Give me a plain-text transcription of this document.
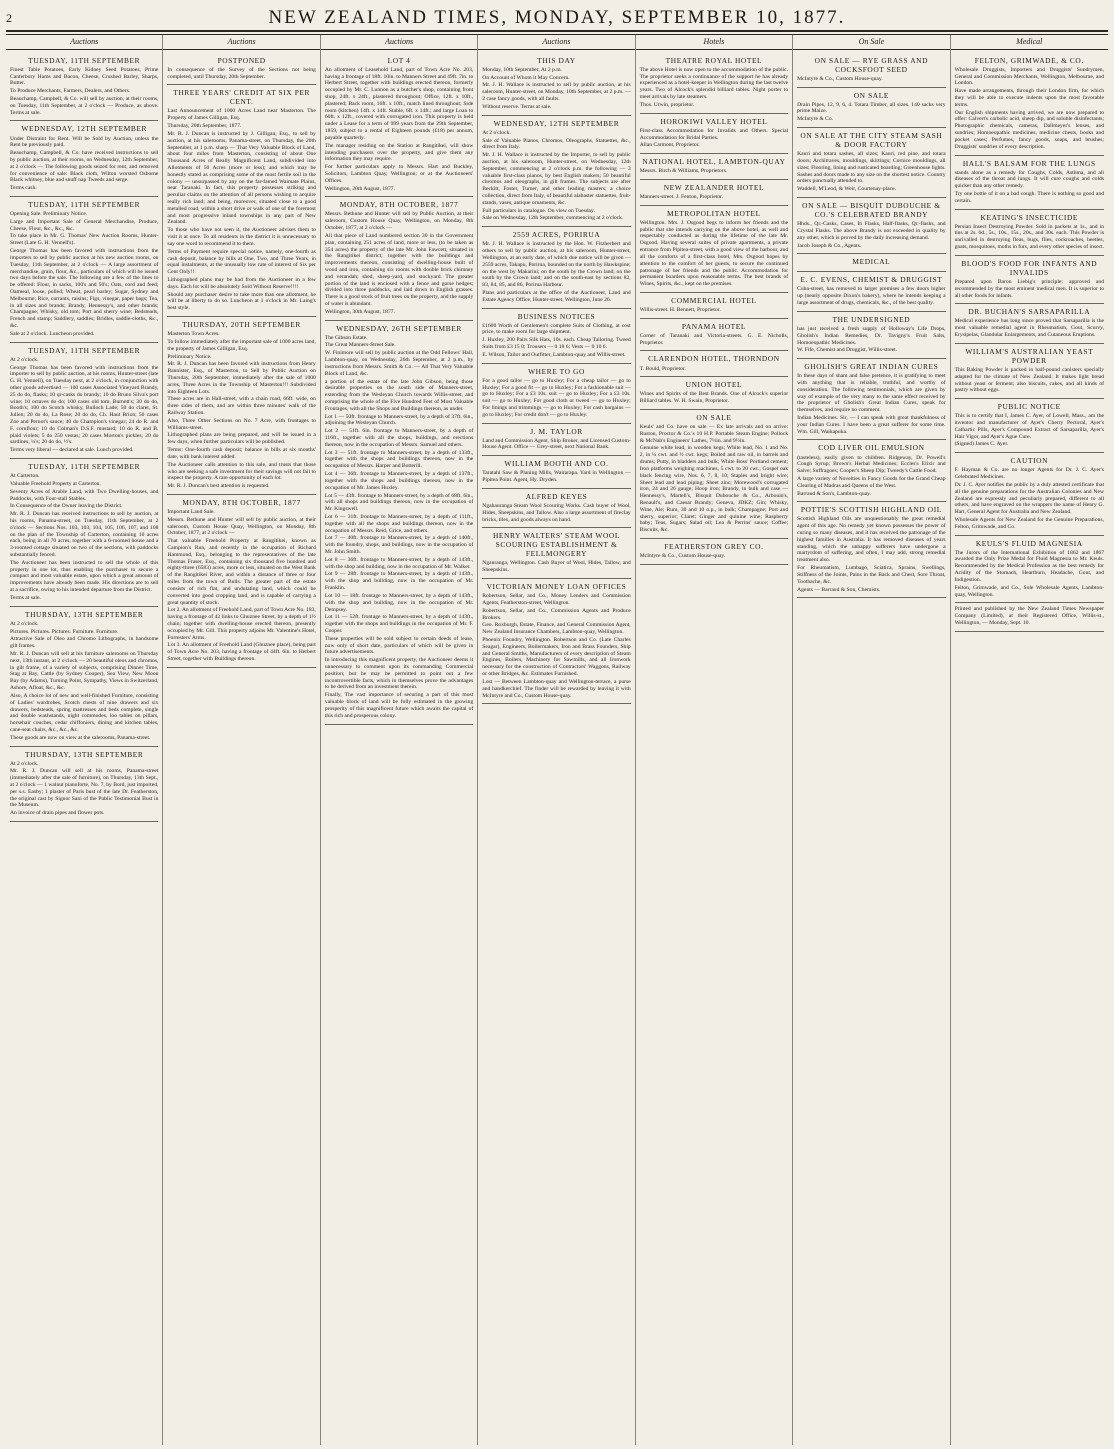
2	NEW ZEALAND TIMES, MONDAY, SEPTEMBER 10, 1877.
Auctions
TUESDAY, 11TH SEPTEMBER

Finest Table Potatoes, Early Kidney Seed Potatoes, Prime Canterbury Hams and Bacon, Cheese, Crushed Barley, Sharps, Butter.

To Produce Merchants, Farmers, Dealers, and Others.

Beauchamp, Campbell, & Co. will sell by auction, at their rooms, on Tuesday, 11th September, at 2 o'clock — Produce, as above. Terms at sale.

WEDNESDAY, 12TH SEPTEMBER

Under Distraint for Rent. Will be Sold by Auction, unless the Rent be previously paid.

Beauchamp, Campbell, & Co. have received instructions to sell by public auction, at their rooms, on Wednesday, 12th September, at 2 o'clock — The following goods seized for rent, and removed for convenience of sale: Black cloth, Wilton worsted Osborne Black whitney, blue and snuff nap Tweeds and serge.

Terms cash.

TUESDAY, 11TH SEPTEMBER

Opening Sale. Preliminary Notice.

Large and Important Sale of General Merchandise, Produce, Cheese, Flour, &c., &c., &c.

To take place in Mr. G. Thomas' New Auction Rooms, Hunter-Street (Late G. H. Vennell's).

George Thomas has been favored with instructions from the importers to sell by public auction at his new auction rooms, on Tuesday, 11th September, at 2 o'clock — A large assortment of merchandise, grain, flour, &c., particulars of which will be issued two days before the sale. The following are a few of the lines to be offered: Flour, in sacks, 100's and 50's; Oats, cord and feed; Oatmeal, loose, polled; Wheat, pearl barley; Sugar, Sydney and Melbourne; Rice, currants, raisins; Figs, vinegar, paper bags; Tea, in all sizes and brands; Brandy, Hennessy's, and other brands; Champagne; Whisky, old tom; Port and sherry wine; Bedsteads, French and stamp; Saddlery, saddles; Bridles, saddle-cloths, &c., &c.

Sale at 2 o'clock. Luncheon provided.

TUESDAY, 11TH SEPTEMBER

At 2 o'clock.

George Thomas has been favored with instructions from the importer to sell by public auction, at his rooms, Hunter-street (late G. H. Vennell), on Tuesday next, at 2 o'clock, in conjunction with other goods advertised — 100 cases Associated Vineyard Brandy, 25 do do, flasks; 10 qr-casks do brandy; 10 do Bruno Silva's port wine; 10 octaves do do; 100 cases old tom, Burnett's; 30 do do, Booth's; 100 do Scotch whisky, Bulloch Lade; 50 do claret, St. Julien; 20 do do, La Rose; 20 do do, Ch. Haut Brion; 50 cases Zoe and Pernot's sauce; 40 do Champion's vinegar; 24 do R. and F. cornflour; 10 do Colman's D.S.F. mustard; 10 do R. and B. plaid violets; 5 do 250 vestas; 20 cases Morton's pickles; 20 do sardines, ¼'s; 20 do do, ½'s.

Terms very liberal — declared at sale. Lunch provided.

TUESDAY, 11TH SEPTEMBER

At Carterton.

Valuable Freehold Property at Carterton.

Seventy Acres of Arable Land, with Two Dwelling-houses, and Paddocks, with Four-stall Stables.

In Consequence of the Owner leaving the District.

Mr. R. J. Duncan has received instructions to sell by auction, at his rooms, Panama-street, on Tuesday, 11th September, at 2 o'clock — Sections Nos. 103, 103, 104, 105, 106, 107, and 108 on the plan of the Township of Carterton, containing 10 acres each, being in all 70 acres, together with a 6-roomed house and a 3-roomed cottage situated on two of the sections, with paddocks substantially fenced.

The Auctioneer has been instructed to sell the whole of this property in one lot, thus enabling the purchaser to secure a compact and most valuable estate, upon which a great amount of improvements have already been made. His directions are to sell at a sacrifice, owing to his intended departure from the District.

Terms at sale.

THURSDAY, 13TH SEPTEMBER

At 2 o'clock.

Pictures. Pictures. Pictures. Furniture. Furniture.

Attractive Sale of Oleo and Chromo Lithographs, in handsome gilt frames.

Mr. R. J. Duncan will sell at his furniture salerooms on Thursday next, 13th instant, at 2 o'clock — 20 beautiful oleos and chromos, in gilt frame, of a variety of subjects, comprising Dinner Time, Stag at Bay, Cattle (by Sydney Cooper), Sea View, New Moon Bay (by Adams), Turning Point, Sympathy, Views in Switzerland, Ashore, Afloat, &c., &c.

Also, A choice lot of new and well-finished Furniture, consisting of Ladies' wardrobes, Scotch chests of nine drawers and six drawers, bedsteads, spring mattresses and beds complete, single and double washstands, night commodes, loo tables on pillars, horsehair couches, cedar chiffoniers, dining and kitchen tables, cane-seat chairs, &c., &c., &c.

These goods are now on view at the salerooms, Panama-street.

THURSDAY, 13TH SEPTEMBER

At 2 o'clock.

Mr. R. J. Duncan will sell at his rooms, Panama-street (immediately after the sale of furniture), on Thursday, 13th Sept., at 2 o'clock — 1 walnut pianoforte, No. 7, by Bord, just imported, per s.s. Easby; 1 plaster of Paris bust of the late Dr. Featherston, the original cast by Signor Sani of the Public Testimonial Bust in the Museum.

An invoice of drain pipes and flower pots.

Auctions
POSTPONED

In consequence of the Survey of the Sections not being completed, until Thursday, 20th September.

THREE YEARS' CREDIT AT SIX PER CENT.

Last Announcement of 1000 Acres Land near Masterton. The Property of James Gilligan, Esq.

Thursday, 20th September, 1877.

Mr. R. J. Duncan is instructed by J. Gilligan, Esq., to sell by auction, at his salerooms, Panama-street, on Thursday, the 20th September, at 1 p.m. sharp — That Very Valuable Block of Land, about four miles from Masterton, consisting of about One Thousand Acres of Really Magnificent Land, subdivided into Allotments of 50 Acres (more or less); and which may be honestly stated as comprising some of the most fertile soil in the colony — unsurpassed by any on the far-famed Waimate Plains, near Taranaki. In fact, this property possesses striking and peculiar claims on the attention of all persons wishing to acquire really rich land; and being, moreover, situated close to a good metalled road, within a short drive or walk of one of the foremost and most progressive inland townships in any part of New Zealand.

To those who have not seen it, the Auctioneer advises them to visit it at once. To all residents in the district it is unnecessary to say one word to recommend it to them.

Terms of Payment require special notice, namely, one-fourth as cash deposit, balance by bills at One, Two, and Three Years, in equal instalments, at the unusually low rate of interest of Six per Cent Only!!

Lithographed plans may be had from the Auctioneer in a few days. Each lot will be absolutely Sold Without Reserve!!!!

Should any purchaser desire to take more than one allotment, he will be at liberty to do so. Luncheon at 1 o'clock in Mr. Laing's best style.

THURSDAY, 20TH SEPTEMBER

Masterton Town Acres.

To follow immediately after the important sale of 1000 acres land, the property of James Gilligan, Esq.

Preliminary Notice.

Mr. R. J. Duncan has been favored with instructions from Henry Bannister, Esq., of Masterton, to Sell by Public Auction on Thursday, 20th September, immediately after the sale of 1000 acres, Three Acres in the Township of Masterton!!! Subdivided into Eighteen Lots.

These acres are in Hall-street, with a chain road, 66ft. wide, on three sides of them, and are within three minutes' walk of the Railway Station.

Also, Three Other Sections on No. 7 Acre, with frontages to Williams-street.

Lithographed plans are being prepared, and will be issued in a few days, when further particulars will be published.

Terms: One-fourth cash deposit; balance in bills at six months' date, with bank interest added.

The Auctioneer calls attention to this sale, and trusts that those who are seeking a safe investment for their savings will not fail to inspect the property. A rare opportunity of each lot.

Mr. R. J. Duncan's best attention is requested.

MONDAY, 8TH OCTOBER, 1877

Important Land Sale.

Messrs. Bethune and Hunter will sell by public auction, at their saleroom, Custom House Quay, Wellington, on Monday, 8th October, 1877, at 2 o'clock —

That valuable Freehold Property at Rangitikei, known as Campion's Run, and recently in the occupation of Richard Hammond, Esq., belonging to the representatives of the late Thomas Fraser, Esq., containing six thousand five hundred and eighty-three (6583) acres, more or less, situated on the West Bank of the Rangitikei River, and within a distance of three or four miles from the town of Bulls. The greater part of the estate consists of rich flat, and undulating land, which could be converted into good cropping land, and is capable of carrying a great quantity of stock.

Lot 2. An allotment of Freehold Land, part of Town Acre No. 183, having a frontage of 42 links to Ghuznee Street, by a depth of 1½ chain; together with dwelling-house erected thereon, presently occupied by Mr. Gill. This property adjoins Mr. Valentine's Hotel, Forresters' Arms.

Lot 3. An allotment of Freehold Land (Ghuznee place), being part of Town Acre No. 203, having a frontage of 44ft. 6in. to Herbert Street, together with Buildings thereon.

Auctions
LOT 4

An allotment of Leasehold Land, part of Town Acre No. 203, having a frontage of 18ft. 10in. to Manners Street and 49ft. 7in. to Herbert Street, together with buildings erected thereon, formerly occupied by Mr. C. Lunnon as a butcher's shop, containing front shop, 24ft. x 24ft., plastered throughout; Office, 12ft. x 10ft., plastered; Back room, 16ft. x 10ft., match lined throughout; Side room (kitchen) 14ft. x 14ft. Stable, 6ft. x 14ft.; and large Loan to 60ft. x 12ft., covered with corrugated iron. This property is held under a Lease for a term of 999 years from the 29th September, 1859, subject to a rental of Eighteen pounds (£18) per annum, payable quarterly.

The manager residing on the Station at Rangitikei, will show intending purchasers over the property, and give them any information they may require.

For further particulars apply to Messrs. Hart and Buckley, Solicitors, Lambton Quay, Wellington; or at the Auctioneers' Offices.

Wellington, 20th August, 1877.

MONDAY, 8TH OCTOBER, 1877

Messrs. Bethune and Hunter will sell by Public Auction, at their saleroom, Custom House Quay, Wellington, on Monday, 8th October, 1877, at 2 o'clock —

All that piece of Land numbered section 30 in the Government plan, containing 251 acres of land, more or less, (to be taken as 354 acres) the property of the late Mr. John Fawcett, situated in the Rangitikei district; together with the buildings and improvements thereon, consisting of dwelling-house built of wood and iron, containing six rooms with double brick chimney and verandah; shed, sheep-yard, and stockyard. The greater portion of the land is enclosed with a fence and gorse hedges; divided into three paddocks, and laid down in English grasses. There is a good stock of fruit trees on the property, and the supply of water is abundant.

Wellington, 30th August, 1877.

WEDNESDAY, 26TH SEPTEMBER

The Gibson Estate.

The Great Manners-Street Sale.

W. Finimore will sell by public auction at the Odd Fellows' Hall, Lambton-quay, on Wednesday, 26th September, at 2 p.m., by instructions from Messrs. Smith & Co. — All That Very Valuable Block of Land, &c.

a portion of the estate of the late John Gibson, being those desirable properties on the south side of Manners-street, extending from the Wesleyan Church towards Willis-street, and comprising the whole of the Five Hundred Feet of Most Valuable Frontages, with all the Shops and Buildings thereon, as under.

Lot 1 — 50ft. frontage to Manners-street, by a depth of 37ft. 6in., adjoining the Wesleyan Church.

Lot 2 — 51ft. 6in. frontage to Manners-street, by a depth of 116ft., together with all the shops, buildings, and erections thereon, now in the occupation of Messrs. Samuel and others.

Lot 3 — 51ft. frontage to Manners-street, by a depth of 133ft., together with the shops and buildings thereon, now in the occupation of Messrs. Harper and Botterill.

Lot 4 — 36ft. frontage to Manners-street, by a depth of 137ft., together with the shops and buildings thereon, now in the occupation of Mr. James Huxley.

Lot 5 — 43ft. frontage to Manners-street, by a depth of 68ft. 6in., with all shops and buildings thereon, now in the occupation of Mr. Kingswell.

Lot 6 — 31ft. frontage to Manners-street, by a depth of 111ft., together with all the shops and buildings thereon, now in the occupation of Messrs. Reid, Grice, and others.

Lot 7 — 40ft. frontage to Manners-street, by a depth of 140ft., with the foundry, shops, and buildings, now in the occupation of Mr. John Smith.

Lot 8 — 36ft. frontage to Manners-street, by a depth of 143ft., with the shop and building, now in the occupation of Mr. Walker.

Lot 9 — 28ft. frontage to Manners-street, by a depth of 143ft., with the shop and building, now in the occupation of Mr. Franklin.

Lot 10 — 18ft. frontage to Manners-street, by a depth of 143ft., with the shop and building, now in the occupation of Mr. Dempsey.

Lot 11 — 52ft. frontage to Manners-street, by a depth of 143ft., together with the shops and buildings in the occupation of Mr. F. Cooper.

These properties will be sold subject to certain deeds of lease, now only of short date, particulars of which will be given in future advertisements.

In introducing this magnificent property, the Auctioneer deems it unnecessary to comment upon its commanding Commercial position; but he may be permitted to point out a few incontrovertible facts, which in themselves prove the advantages to be derived from an investment therein.

Finally, The vast importance of securing a part of this most valuable block of land will be fully estimated in the growing prosperity of this magnificent future which awaits the capital of this rich and prosperous colony.

Auctions
THIS DAY

Monday, 10th September, At 2 p.m.

On Account of Whom it May Concern.

Mr. J. H. Wallace is instructed to sell by public auction, at his saleroom, Hunter-street, on Monday, 10th September, at 2 p.m. — 2 case fancy goods, with all faults.

Without reserve. Terms at sale.

WEDNESDAY, 12TH SEPTEMBER

At 2 o'clock.

Sale of Valuable Pianos, Chromos, Oleographs, Statuettes, &c., direct from Italy.

Mr. J. H. Wallace is instructed by the Importer, to sell by public auction, at his saleroom, Hunter-street, on Wednesday, 12th September, commencing at 2 o'clock p.m. the following — 3 valuable first-class pianos, by best English makers; 50 beautiful chromos and oleographs, in gilt frames. The subjects are after Beckitt, Foster, Turner, and other leading masters; a choice collection, direct from Italy, of beautiful alabaster statuettes, fruit-stands, vases, antique ornaments, &c.

Full particulars in catalogue. On view on Tuesday.

Sale on Wednesday, 12th September, commencing at 2 o'clock.

2559 ACRES, PORIRUA

Mr. J. H. Wallace is instructed by the Hon. W. Fitzherbert and others to sell by public auction, at his saleroom, Hunter-street, Wellington, at an early date, of which due notice will be given — 2559 acres, Takapu, Porirua, bounded on the north by Hawkspine; on the west by Makarini; on the south by the Crown land; on the south by the Crown land; and on the south-east by sections 82, 83, 84, 85, and 86, Porirua Harbour.

Plans and particulars at the office of the Auctioneer, Land and Estate Agency Office, Hunter-street, Wellington, June 26.

BUSINESS NOTICES

£1600 Worth of Gentlemen's complete Suits of Clothing, at cost price, to make room for large shipment.

J. Huxley, 200 Pairs Silk Hats, 10s. each. Cheap Tailoring. Tweed Suits from £3 15 0; Trousers — 0 18 6; Vests — 0 10 6.

E. Wilson, Tailor and Outfitter, Lambton-quay and Willis-street.

WHERE TO GO

For a good tailor — go to Huxley; For a cheap tailor — go to Huxley; For a good fit — go to Huxley; For a fashionable suit — go to Huxley; For a £3 10s. suit — go to Huxley; For a £3 10s. suit — go to Huxley; For good cloth or tweed — go to Huxley; For linings and trimmings — go to Huxley; For cash bargains — go to Huxley; For credit don't — go to Huxley.

J. M. TAYLOR

Land and Commission Agent, Ship Broker, and Licensed Custom-House Agent. Office — Grey-street, next National Bank.

WILLIAM BOOTH AND CO.

Taratahi Saw & Planing Mills, Wairarapa. Yard in Wellington — Pipitea Point. Agent, Hy. Dryden.

ALFRED KEYES

Ngahauranga Steam Wool Scouring Works. Cash buyer of Wool, Hides, Sheepskins, and Tallow. Also a large assortment of fireclay bricks, tiles, and goods always on hand.

HENRY WALTERS' STEAM WOOL SCOURING ESTABLISHMENT & FELLMONGERY

Ngauranga, Wellington. Cash Buyer of Wool, Hides, Tallow, and Sheepskins.

VICTORIAN MONEY LOAN OFFICES

Robertson, Sellar, and Co., Money Lenders and Commission Agents, Featherston-street, Wellington.

Robertson, Sellar, and Co., Commission Agents and Produce Brokers.

Geo. Roxburgh, Estate, Finance, and General Commission Agent, New Zealand Insurance Chambers, Lambton-quay, Wellington.

Phoenix Foundry, Wellington. Robertson and Co. (Late Charles Seagar), Engineers, Boilermakers, Iron and Brass Founders, Ship and General Smiths, Manufacturers of every description of Steam Engines, Boilers, Machinery for Sawmills, and all Ironwork necessary for the construction of Contractors' Waggons, Railway or other Bridges, &c. Estimates Furnished.

Lost — Between Lambton-quay and Wellington-terrace, a purse and handkerchief. The finder will be rewarded by leaving it with McIntyre and Co., Custom House-quay.

Hotels
THEATRE ROYAL HOTEL

The above Hotel is now open to the accommodation of the public. The proprietor seeks a continuance of the support he has already experienced as a hotel-keeper in Wellington during the last twelve years. Two of Alcock's splendid billiard tables. Night porter to meet arrivals by late steamers.

Thos. Urwin, proprietor.

HOROKIWI VALLEY HOTEL

First-class Accommodation for Invalids and Others. Special Accommodation for Bridal Parties.

Allan Carmont, Proprietor.

NATIONAL HOTEL, LAMBTON-QUAY

Messrs. Birch & Williams, Proprietors.

NEW ZEALANDER HOTEL

Manners-street. J. Fenton, Proprietor.

METROPOLITAN HOTEL

Wellington. Mrs. J. Osgood begs to inform her friends and the public that she intends carrying on the above hotel, as well and respectably conducted as during the lifetime of the late Mr. Osgood. Having several suites of private apartments, a private entrance from Pipitea-street, with a good view of the harbour, and all the comforts of a first-class hotel, Mrs. Osgood hopes by attention to the comfort of her guests, to secure the continued patronage of her friends and the public. Accommodation for permanent boarders upon reasonable terms. The best brands of Wines, Spirits, &c., kept on the premises.

COMMERCIAL HOTEL

Willis-street. H. Bennett, Proprietor.

PANAMA HOTEL

Corner of Taranaki and Victoria-streets. G. E. Nicholls, Proprietor.

CLARENDON HOTEL, THORNDON

T. Bould, Proprietor.

UNION HOTEL

Wines and Spirits of the Best Brands. One of Alcock's superior Billiard tables. W. H. Swain, Proprietor.

ON SALE

Keuls' and Co. have on sale — Ex late arrivals and on arrive: Ruston, Proctor & Co.'s 10 H.P. Portable Steam Engine; Pollock & McNab's Engineers' Lathes, 7½in. and 9½in.

Genuine white lead, in wooden kegs; White lead, No. 1 and No. 2, in ¼ cwt. and ½ cwt. kegs; Boiled and raw oil, in barrels and drums; Putty, in bladders and bulk; White Boss' Portland cement; Iron platforms weighing machines, 5 cwt. to 20 cwt.; Gospel oak black fencing wire, Nos. 6, 7, 8, 10; Staples and bright wire; Sheet lead and lead piping; Sheet zinc; Morewood's corrugated iron, 24 and 26 gauge; Hoop iron; Brandy, in bulk and case — Hennessy's, Martell's, Bisquit Dubouche & Co., Arbouin's, Renault's, and Caesar Brandy; Geneva, JDKZ; Gin; Whisky, Wine, Ale; Rum, 30 and 10 o.p., in bulk; Champagne; Port and sherry, superior; Claret; Ginger and quinine wine; Raspberry baby; Teas, Sugars; Salad oil; Lea & Perrins' sauce; Coffee; Biscuits, &c.

FEATHERSTON GREY CO.

McIntyre & Co., Custom House-quay.

On Sale
ON SALE — RYE GRASS AND COCKSFOOT SEED

McIntyre & Co., Custom House-quay.

ON SALE

Drain Pipes, 12, 9, 6, 4. Totara Timber, all sizes. 140 sacks very prime Maize.

McIntyre & Co.

ON SALE AT THE CITY STEAM SASH & DOOR FACTORY

Kauri and totara sashes, all sizes; Kauri, red pine, and totara doors; Architraves, mouldings, skirtings; Cornice mouldings, all sizes; Flooring, lining and rusticated boarding; Greenhouse lights. Sashes and doors made to any size on the shortest notice. Country orders punctually attended to.

Waddell, M'Leod, & Weir, Courtenay-place.

ON SALE — BISQUIT DUBOUCHE & CO.'S CELEBRATED BRANDY

Hhds., Qr.-Casks, Cases, In Flasks, Half-flasks, Qr.-flasks, and Crystal Flasks. The above Brandy is not exceeded in quality by any other, which is proved by the daily increasing demand.

Jacob Joseph & Co., Agents.

MEDICAL
E. C. EVENS, CHEMIST & DRUGGIST

Cuba-street, has removed to larger premises a few doors higher up (nearly opposite Dixon's bakery), where he intends keeping a large assortment of drugs, chemicals, &c., of the best quality.

THE UNDERSIGNED

has just received a fresh supply of Holloway's Life Drops, Gholish's Indian Remedies, Dr. Tavigny's Fruit Salts, Homoeopathic Medicines.

W. Fife, Chemist and Druggist, Willis-street.

GHOLISH'S GREAT INDIAN CURES

In these days of sham and false pretence, it is gratifying to meet with anything that is reliable, truthful, and worthy of consideration. The following testimonials, which are given by way of example of the very many to the same effect received by the proprietor of Gholish's Great Indian Cures, speak for themselves, and require no comment.

Indian Medicines. Sir, — I can speak with great thankfulness of your Indian Cures. I have been a great sufferer for some time. Wm. Gill, Waikapuka.

COD LIVER OIL EMULSION

(tasteless), easily given to children. Ridgeway, Dr. Powell's Cough Syrup; Brown's Herbal Medicines; Eccles's Elixir and Salve; Suffragoes; Cooper's Sheep Dip; Tweedy's Cattle Food.

A large variety of Novelties in Fancy Goods for the Grand Cheap Clearing of Madras and Queens of the West.

Barraud & Son's, Lambton-quay.

POTTIE'S SCOTTISH HIGHLAND OIL

Scottish Highland Oils are unquestionably the great remedial agent of this age. No remedy yet known possesses the power of curing so many diseases, and it has received the patronage of the highest families in Australia. It has removed diseases of years standing, which the unhappy sufferers have undergone a martyrdom of suffering, and often, I may add, strong remedial treatment also.

For Rheumatism, Lumbago, Sciatica, Sprains, Swellings, Stiffness of the Joints, Pains in the Back and Chest, Sore Throat, Toothache, &c.

Agents — Barraud & Son, Chemists.

Medical
FELTON, GRIMWADE, & CO.

Wholesale Druggists, Importers and Druggists' Sundrymen, General and Commission Merchants, Wellington, Melbourne, and London.

Have made arrangements, through their London firm, for which they will be able to execute indents upon the most favorable terms.

Our English shipments having arrived, we are now prepared to offer: Calvert's carbolic acid, sheep dip, and soluble disinfectants; Photographic chemicals, cameras, Dallmeyer's lenses, and sundries; Homoeopathic medicines, medicine chests, books and pocket cases; Perfumes, fancy goods, soaps, and brushes; Druggists' sundries of every description.

HALL'S BALSAM FOR THE LUNGS

stands alone as a remedy for Coughs, Colds, Asthma, and all diseases of the throat and lungs. It will cure coughs and colds quicker than any other remedy.

Try one bottle of it on a bad cough. There is nothing so good and certain.

KEATING'S INSECTICIDE

Persian Insect Destroying Powder. Sold in packets at 1s., and in tins at 2s. 6d., 5s., 10s., 15s., 20s., and 30s. each. This Powder is unrivalled in destroying fleas, bugs, flies, cockroaches, beetles, gnats, mosquitoes, moths in furs, and every other species of insect.

BLOOD'S FOOD FOR INFANTS AND INVALIDS

Prepared upon Baron Liebig's principle; approved and recommended by the most eminent medical men. It is superior to all other foods for infants.

DR. BUCHAN'S SARSAPARILLA

Medical experience has long since proved that Sarsaparilla is the most valuable remedial agent in Rheumatism, Gout, Scurvy, Erysipelas, Glandular Enlargements, and Cutaneous Eruptions.

WILLIAM'S AUSTRALIAN YEAST POWDER

This Baking Powder is packed in half-pound canisters specially adapted for the climate of New Zealand. It makes light bread without yeast or ferment; also biscuits, cakes, and all kinds of pastry without eggs.

PUBLIC NOTICE

This is to certify that I, James C. Ayer, of Lowell, Mass., am the inventor and manufacturer of Ayer's Cherry Pectoral, Ayer's Cathartic Pills, Ayer's Compound Extract of Sarsaparilla, Ayer's Hair Vigor, and Ayer's Ague Cure.

(Signed) James C. Ayer.

CAUTION

F. Hayman & Co. are no longer Agents for Dr. J. C. Ayer's Celebrated Medicines.

Dr. J. C. Ayer notifies the public by a duly attested certificate that all the genuine preparations for the Australian Colonies and New Zealand are expressly and peculiarly prepared, different to all others, and have engraved on the wrappers the name of Henry G. Hart, General Agent for Australia and New Zealand.

Wholesale Agents for New Zealand for the Genuine Preparations, Felton, Grimwade, and Co.

KEULS'S FLUID MAGNESIA

The Jurors of the International Exhibition of 1862 and 1867 awarded the Only Prize Medal for Fluid Magnesia to Mr. Keuls. Recommended by the Medical Profession as the best remedy for Acidity of the Stomach, Heartburn, Headache, Gout, and Indigestion.

Felton, Grimwade, and Co., Sole Wholesale Agents, Lambton-quay, Wellington.

Printed and published by the New Zealand Times Newspaper Company (Limited), at their Registered Office, Willis-st., Wellington, — Monday, Sept. 10.
